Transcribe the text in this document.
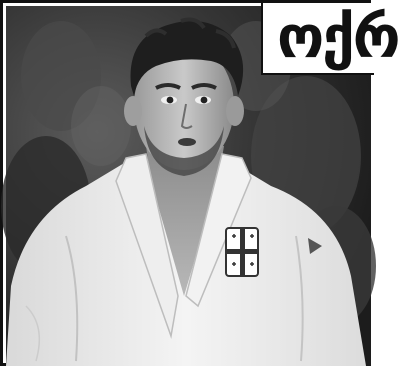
ოქრ
